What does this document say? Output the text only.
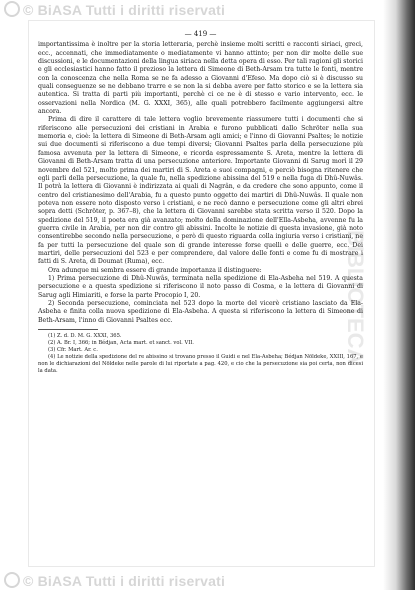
© BiASA Tutti i diritti riservati
BIBLIOTECA
— 419 —

importantissima è inoltre per la storia letteraria, perchè insieme molti scritti e racconti siriaci, greci, ecc., accennati, che immediatamente o mediatamente vi hanno attinto; per non dir molte delle sue discussioni, e le documentazioni della lingua siriaca nella detta opera di esso. Per tali ragioni gli storici e gli ecclesiastici hanno fatto il prezioso la lettera di Simeone di Beth-Arsam tra tutte le fonti, mentre con la conoscenza che nella Roma se ne fa adesso a Giovanni d'Efeso. Ma dopo ciò si è discusso su quali conseguenze se ne debbano trarre e se non la si debba avere per fatto storico e se la lettera sia autentica. Si tratta di parti più importanti, perchè ci ce ne è di stesso e vario intervento, ecc. le osservazioni nella Nordica (M. G. XXXI, 365), alle quali potrebbero facilmente aggiungersi altre ancora.

Prima di dire il carattere di tale lettera voglio brevemente riassumere tutti i documenti che si riferiscono alle persecuzioni dei cristiani in Arabia e furono pubblicati dallo Schröter nella sua memoria e, cioè: la lettera di Simeone di Beth-Arsam agli amici; e l'inno di Giovanni Psaltes; le notizie sui due documenti si riferiscono a due tempi diversi; Giovanni Psaltes parla della persecuzione più famosa avvenuta per la lettera di Simeone, e ricorda espressamente S. Areta, mentre la lettera di Giovanni di Beth-Arsam tratta di una persecuzione anteriore. Importante Giovanni di Sarug morì il 29 novembre del 521, molto prima dei martiri di S. Areta e suoi compagni, e perciò bisogna ritenere che egli parli della persecuzione, la quale fu, nella spedizione abissina del 519 e nella fuga di Dhû-Nuwâs. Il potrà la lettera di Giovanni è indirizzata ai quali di Nagrân, e da credere che sono appunto, come il centro del cristianesimo dell'Arabia, fu a questo punto oggetto dei martiri di Dhû-Nuwâs. Il quale non poteva non essere noto disposto verso i cristiani, e ne recò danno e persecuzione come gli altri ebrei sopra detti (Schröter, p. 367–8), che la lettera di Giovanni sarebbe stata scritta verso il 520. Dopo la spedizione del 519, il poeta era già avanzato; molto della dominazione dell'Ella-Asbeha, avvenne fu la guerra civile in Arabia, per non dir contro gli abissini. Incolte le notizie di questa invasione, già noto consentirebbe secondo nella persecuzione, e però di questo riguarda colla ingiuria verso i cristiani, ne fa per tutti la persecuzione del quale son di grande interesse forse quelli e delle guerre, ecc. Dei martiri, delle persecuzioni del 523 e per comprendere, dal valore delle fonti e come fu di mostrare i fatti di S. Areta, di Doumat (Ruma), ecc.

Ora adunque mi sembra essere di grande importanza il distinguere:

1) Prima persecuzione di Dhû-Nuwâs, terminata nella spedizione di Ela-Asbeha nel 519. A questa persecuzione e a questa spedizione si riferiscono il noto passo di Cosma, e la lettera di Giovanni di Sarug agli Himiariti, e forse la parte Procopio I, 20.
2) Seconda persecuzione, cominciata nel 523 dopo la morte del vicerè cristiano lasciato da Ela-Asbeha e finita colla nuova spedizione di Ela-Asbeha. A questa si riferiscono la lettera di Simeone di Beth-Arsam, l'inno di Giovanni Psaltes ecc.

(1) Z. d. D. M. G. XXXI, 365.

(2) A. Br. I, 366; in Bédjan, Acta mart. et sanct. vol. VII.

(3) Cfr. Mart. Ar. c.

(4) Le notizie della spedizione del re abissino si trovano presso il Guidi e nel Ela-Asbeha; Bédjan Nöldeke, XXIII, 167, e non le dichiarazioni del Nöldeke nelle parole di lui riportate a pag. 420, e cio che la persecuzione sia poi certa, non dicesi la data.

© BiASA Tutti i diritti riservati
